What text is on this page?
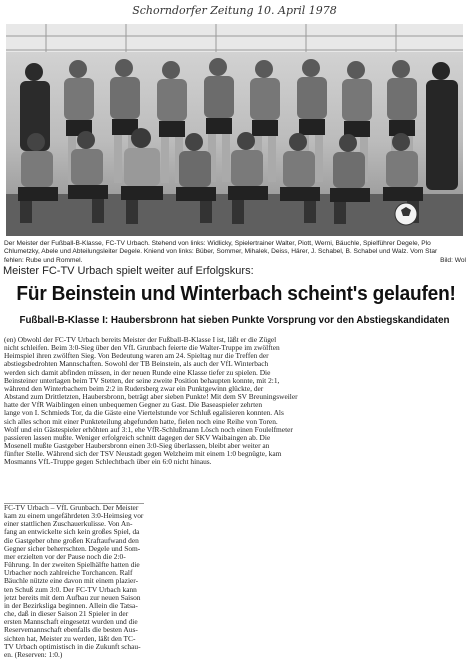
Schorndorfer Zeitung 10. April 1978

Der Meister der Fußball-B-Klasse, FC-TV Urbach. Stehend von links: Widlicky, Spielertrainer Walter, Piott, Werni, Bäuchle, Spielführer Degele, Plo

Chlumetzky, Abele und Abteilungsleiter Degele. Kniend von links: Büber, Sommer, Mihalek, Deiss, Härer, J. Schabel, B. Schabel und Walz. Vom Star

fehlen: Rube und Rommel.	Bild: Wol

Meister FC-TV Urbach spielt weiter auf Erfolgskurs:
Für Beinstein und Winterbach scheint's gelaufen!
Fußball-B-Klasse I: Haubersbronn hat sieben Punkte Vorsprung vor den Abstiegskandidaten

(en) Obwohl der FC-TV Urbach bereits Meister der Fußball-B-Klasse I ist, läßt er die Zügel

nicht schleifen. Beim 3:0-Sieg über den VfL Grunbach feierte die Walter-Truppe im zwölften

Heimspiel ihren zwölften Sieg. Von Bedeutung waren am 24. Spieltag nur die Treffen der

abstiegsbedrohten Mannschaften. Sowohl der TB Beinstein, als auch der VfL Winterbach

werden sich damit abfinden müssen, in der neuen Runde eine Klasse tiefer zu spielen. Die

Beinsteiner unterlagen beim TV Stetten, der seine zweite Position behaupten konnte, mit 2:1,

während den Winterbachern beim 2:2 in Rudersberg zwar ein Punktgewinn glückte, der

Abstand zum Drittletzten, Haubersbronn, beträgt aber sieben Punkte! Mit dem SV Breuningsweiler

hatte der VfR Waiblingen einen unbequemen Gegner zu Gast. Die Baseaspieler zehrten

lange von I. Schmieds Tor, da die Gäste eine Viertelstunde vor Schluß egalisieren konnten. Als

sich alles schon mit einer Punkteteilung abgefunden hatte, fielen noch eine Reihe von Toren.

Wolf und ein Gästespieler erhöhten auf 3:1, ehe VfR-Schlußmann Lösch noch einen Foulelfmeter

passieren lassen mußte. Weniger erfolgreich schnitt dagegen der SKV Waibaingen ab. Die

Mosenell mußte Gastgeber Haubersbronn einen 3:0-Sieg überlassen, bleibt aber weiter an

fünfter Stelle. Während sich der TSV Neustadt gegen Welzheim mit einem 1:0 begnügte, kam

Mosmanns VfL-Truppe gegen Schlechtbach über ein 6:0 nicht hinaus.

FC-TV Urbach – VfL Grunbach. Der Meister

kam zu einem ungefährdeten 3:0-Heimsieg vor

einer stattlichen Zuschauerkulisse. Von An-

fang an entwickelte sich kein großes Spiel, da

die Gastgeber ohne großen Kraftaufwand den

Gegner sicher beherrschten. Degele und Som-

mer erzielten vor der Pause noch die 2:0-

Führung. In der zweiten Spielhälfte hatten die

Urbacher noch zahlreiche Torchancen. Ralf

Bäuchle nützte eine davon mit einem plazier-

ten Schuß zum 3:0. Der FC-TV Urbach kann

jetzt bereits mit dem Aufbau zur neuen Saison

in der Bezirksliga beginnen. Allein die Tatsa-

che, daß in dieser Saison 21 Spieler in der

ersten Mannschaft eingesetzt wurden und die

Reservemannschaft ebenfalls die besten Aus-

sichten hat, Meister zu werden, läßt den TC-

TV Urbach optimistisch in die Zukunft schau-

en. (Reserven: 1:0.)
